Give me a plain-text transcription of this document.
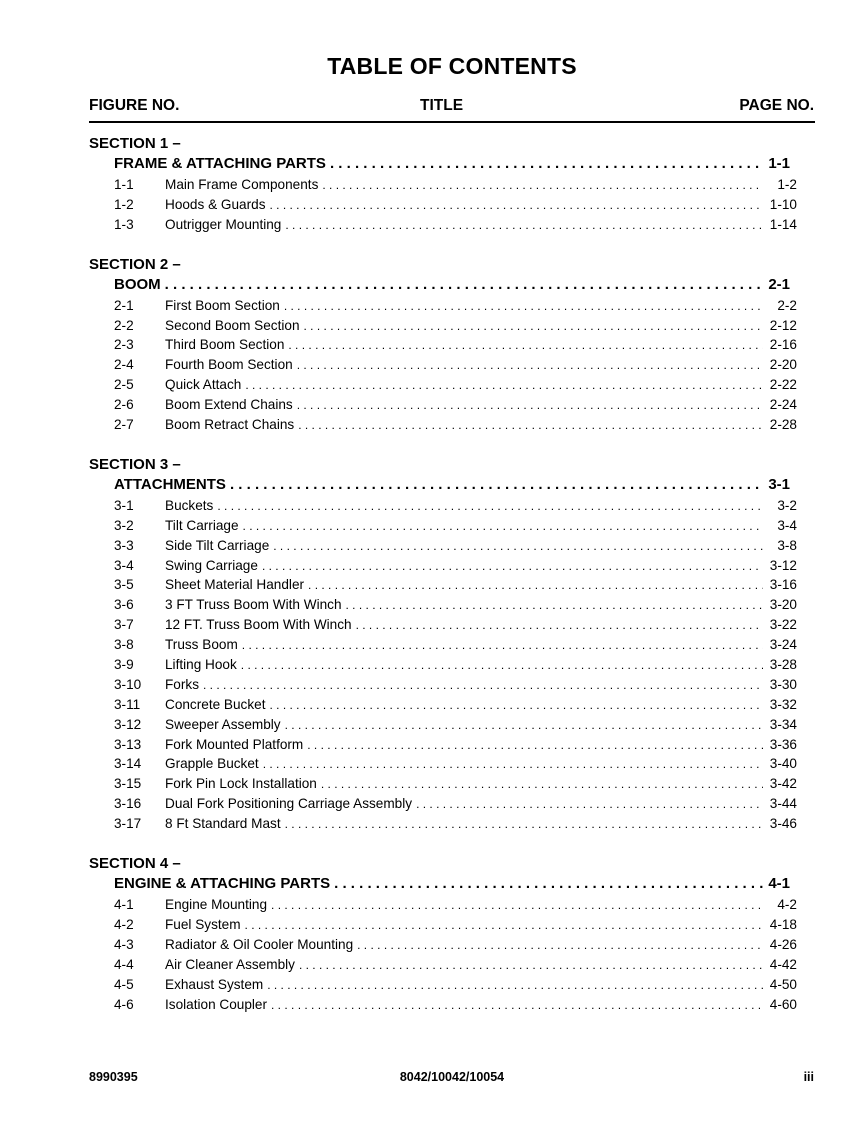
TABLE OF CONTENTS
FIGURE NO.	TITLE	PAGE NO.
SECTION 1 –
FRAME & ATTACHING PARTS . . .	1-1
1-1	Main Frame Components . . .	1-2
1-2	Hoods & Guards . . .	1-10
1-3	Outrigger Mounting . . .	1-14
SECTION 2 –
BOOM . . .	2-1
2-1	First Boom Section . . .	2-2
2-2	Second Boom Section . . .	2-12
2-3	Third Boom Section . . .	2-16
2-4	Fourth Boom Section . . .	2-20
2-5	Quick Attach . . .	2-22
2-6	Boom Extend Chains . . .	2-24
2-7	Boom Retract Chains . . .	2-28
SECTION 3 –
ATTACHMENTS . . .	3-1
3-1	Buckets . . .	3-2
3-2	Tilt Carriage . . .	3-4
3-3	Side Tilt Carriage . . .	3-8
3-4	Swing Carriage . . .	3-12
3-5	Sheet Material Handler . . .	3-16
3-6	3 FT Truss Boom With Winch . . .	3-20
3-7	12 FT. Truss Boom With Winch . . .	3-22
3-8	Truss Boom . . .	3-24
3-9	Lifting Hook . . .	3-28
3-10	Forks . . .	3-30
3-11	Concrete Bucket . . .	3-32
3-12	Sweeper Assembly . . .	3-34
3-13	Fork Mounted Platform . . .	3-36
3-14	Grapple Bucket . . .	3-40
3-15	Fork Pin Lock Installation . . .	3-42
3-16	Dual Fork Positioning Carriage Assembly . . .	3-44
3-17	8 Ft Standard Mast . . .	3-46
SECTION 4 –
ENGINE & ATTACHING PARTS . . .	4-1
4-1	Engine Mounting . . .	4-2
4-2	Fuel System . . .	4-18
4-3	Radiator & Oil Cooler Mounting . . .	4-26
4-4	Air Cleaner Assembly . . .	4-42
4-5	Exhaust System . . .	4-50
4-6	Isolation Coupler . . .	4-60
8990395	8042/10042/10054	iii
